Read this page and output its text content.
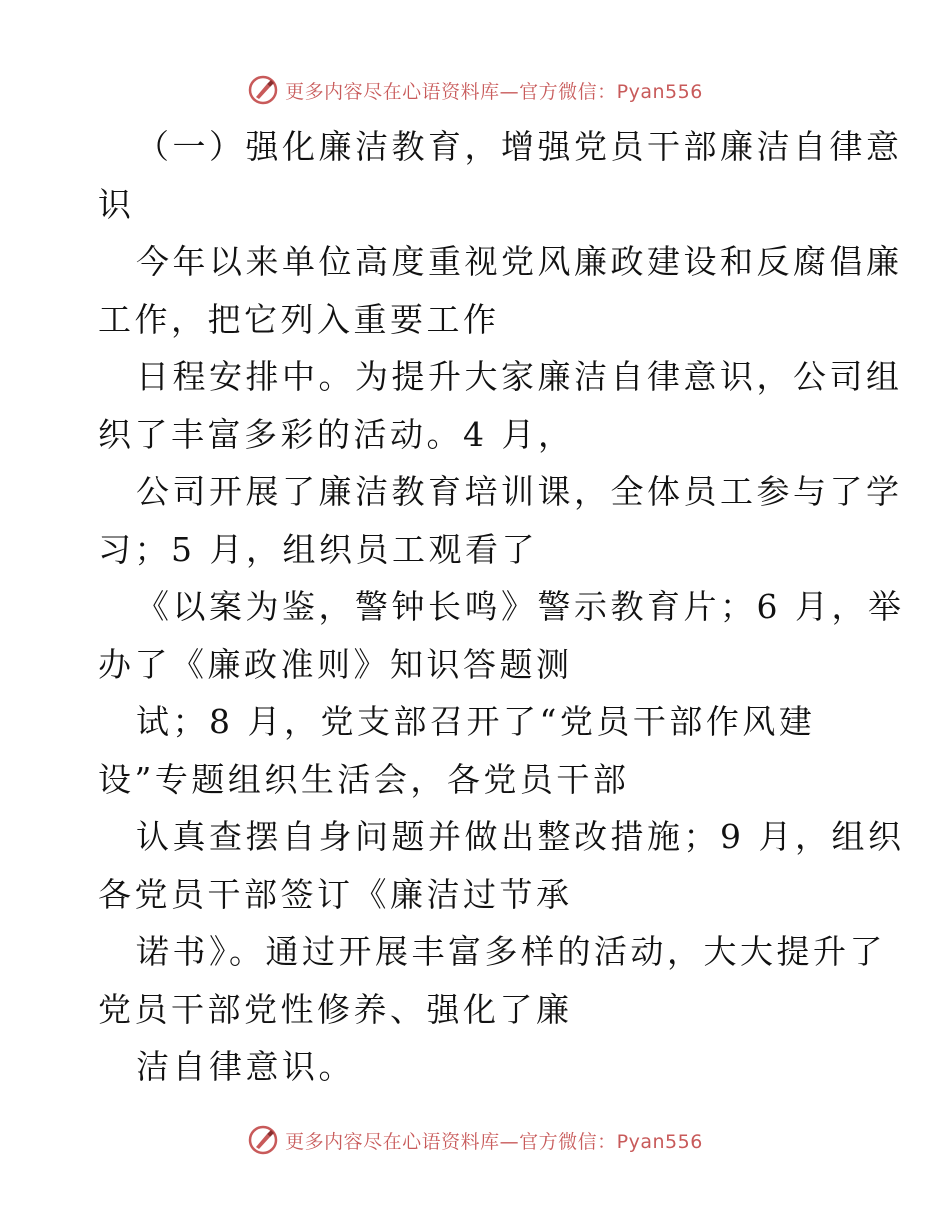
更多内容尽在心语资料库—官方微信：Pyan556

（一）强化廉洁教育，增强党员干部廉洁自律意

识

今年以来单位高度重视党风廉政建设和反腐倡廉

工作，把它列入重要工作

日程安排中。为提升大家廉洁自律意识，公司组

织了丰富多彩的活动。4 月，

公司开展了廉洁教育培训课，全体员工参与了学

习；5 月，组织员工观看了

《以案为鉴，警钟长鸣》警示教育片；6 月，举

办了《廉政准则》知识答题测

试；8 月，党支部召开了“党员干部作风建

设”专题组织生活会，各党员干部

认真查摆自身问题并做出整改措施；9 月，组织

各党员干部签订《廉洁过节承

诺书》。通过开展丰富多样的活动，大大提升了

党员干部党性修养、强化了廉

洁自律意识。

更多内容尽在心语资料库—官方微信：Pyan556
